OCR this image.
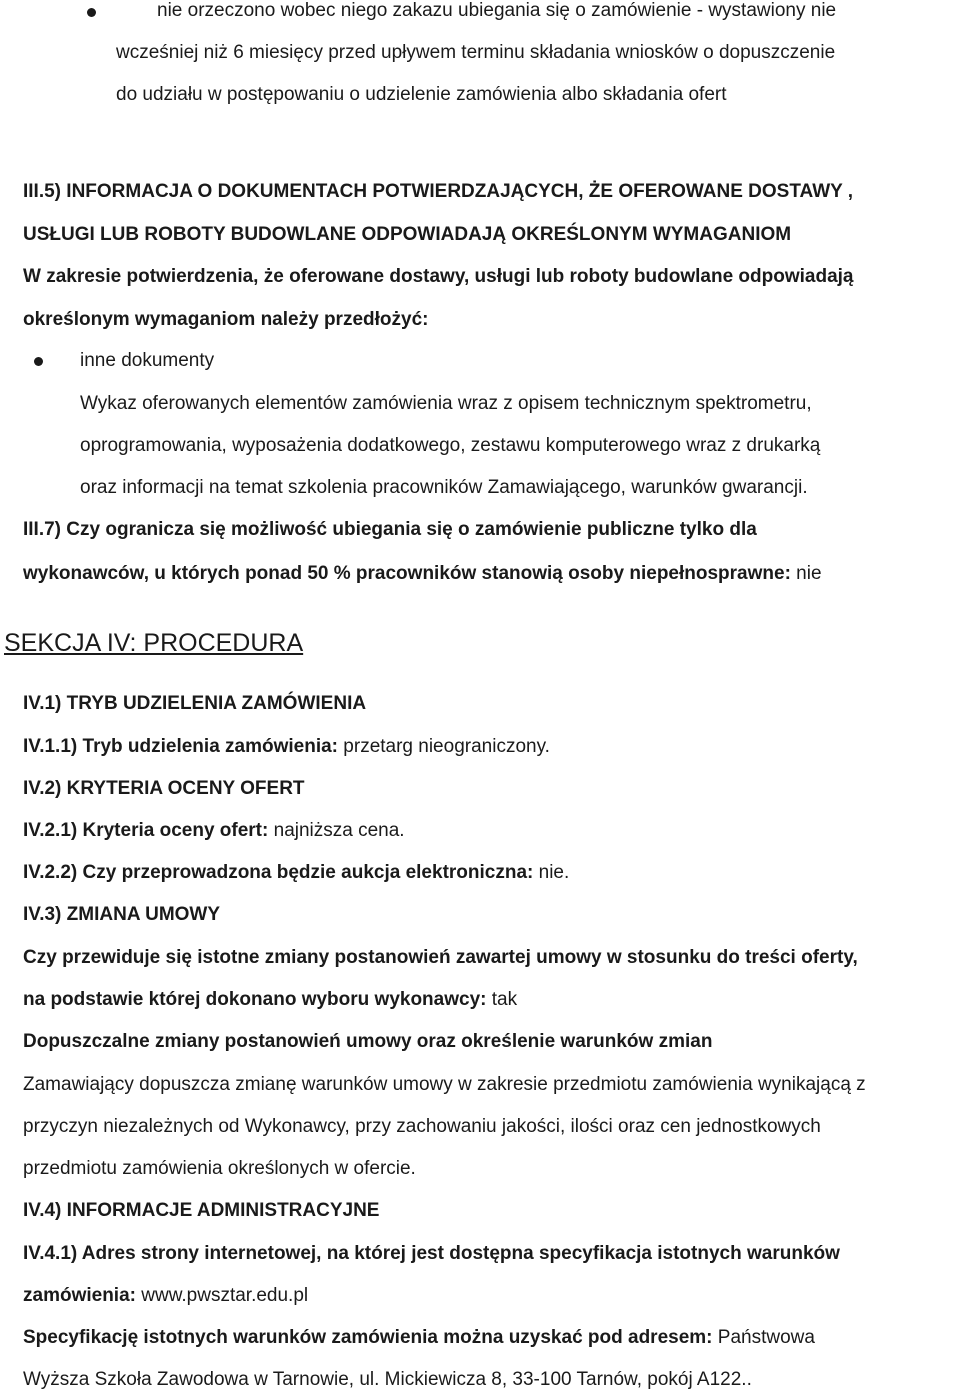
nie orzeczono wobec niego zakazu ubiegania się o zamówienie - wystawiony nie
wcześniej niż 6 miesięcy przed upływem terminu składania wniosków o dopuszczenie
do udziału w postępowaniu o udzielenie zamówienia albo składania ofert
III.5) INFORMACJA O DOKUMENTACH POTWIERDZAJĄCYCH, ŻE OFEROWANE DOSTAWY ,
USŁUGI LUB ROBOTY BUDOWLANE ODPOWIADAJĄ OKREŚLONYM WYMAGANIOM
W zakresie potwierdzenia, że oferowane dostawy, usługi lub roboty budowlane odpowiadają
określonym wymaganiom należy przedłożyć:
inne dokumenty
Wykaz oferowanych elementów zamówienia wraz z opisem technicznym spektrometru,
oprogramowania, wyposażenia dodatkowego, zestawu komputerowego wraz z drukarką
oraz informacji na temat szkolenia pracowników Zamawiającego, warunków gwarancji.
III.7) Czy ogranicza się możliwość ubiegania się o zamówienie publiczne tylko dla
wykonawców, u których ponad 50 % pracowników stanowią osoby niepełnosprawne: nie
SEKCJA IV: PROCEDURA
IV.1) TRYB UDZIELENIA ZAMÓWIENIA
IV.1.1) Tryb udzielenia zamówienia: przetarg nieograniczony.
IV.2) KRYTERIA OCENY OFERT
IV.2.1) Kryteria oceny ofert: najniższa cena.
IV.2.2) Czy przeprowadzona będzie aukcja elektroniczna: nie.
IV.3) ZMIANA UMOWY
Czy przewiduje się istotne zmiany postanowień zawartej umowy w stosunku do treści oferty,
na podstawie której dokonano wyboru wykonawcy: tak
Dopuszczalne zmiany postanowień umowy oraz określenie warunków zmian
Zamawiający dopuszcza zmianę warunków umowy w zakresie przedmiotu zamówienia wynikającą z
przyczyn niezależnych od Wykonawcy, przy zachowaniu jakości, ilości oraz cen jednostkowych
przedmiotu zamówienia określonych w ofercie.
IV.4) INFORMACJE ADMINISTRACYJNE
IV.4.1) Adres strony internetowej, na której jest dostępna specyfikacja istotnych warunków
zamówienia: www.pwsztar.edu.pl
Specyfikację istotnych warunków zamówienia można uzyskać pod adresem: Państwowa
Wyższa Szkoła Zawodowa w Tarnowie, ul. Mickiewicza 8, 33-100 Tarnów, pokój A122..
